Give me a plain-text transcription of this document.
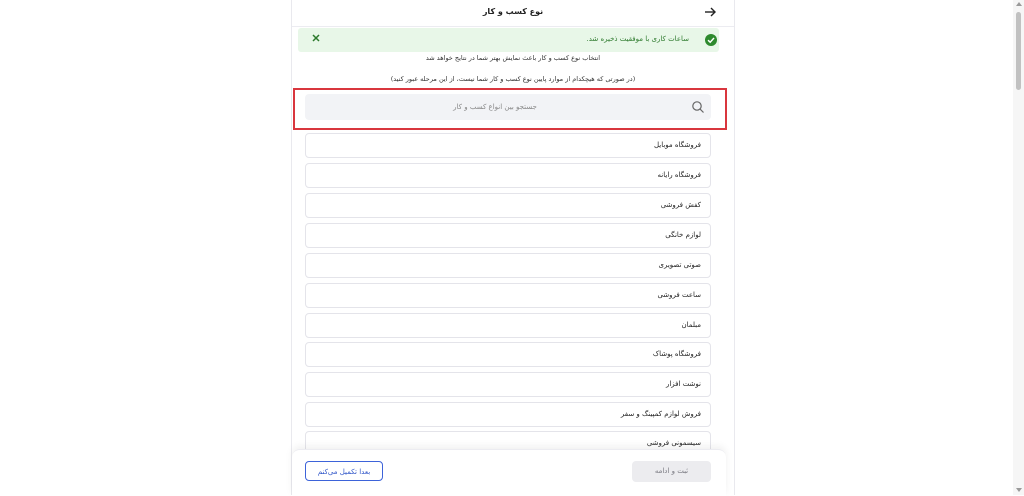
نوع کسب و کار
ساعات کاری با موفقیت ذخیره شد.
انتخاب نوع کسب و کار باعث نمایش بهتر شما در نتایج خواهد شد
(در صورتی که هیچکدام از موارد پایین نوع کسب و کار شما نیست، از این مرحله عبور کنید)
جستجو بین انواع کسب و کار
فروشگاه موبایل
فروشگاه رایانه
کفش فروشی
لوازم خانگی
صوتی تصویری
ساعت فروشی
مبلمان
فروشگاه پوشاک
نوشت افزار
فروش لوازم کمپینگ و سفر
سیسمونی فروشی
بعدا تکمیل می‌کنم	ثبت و ادامه
